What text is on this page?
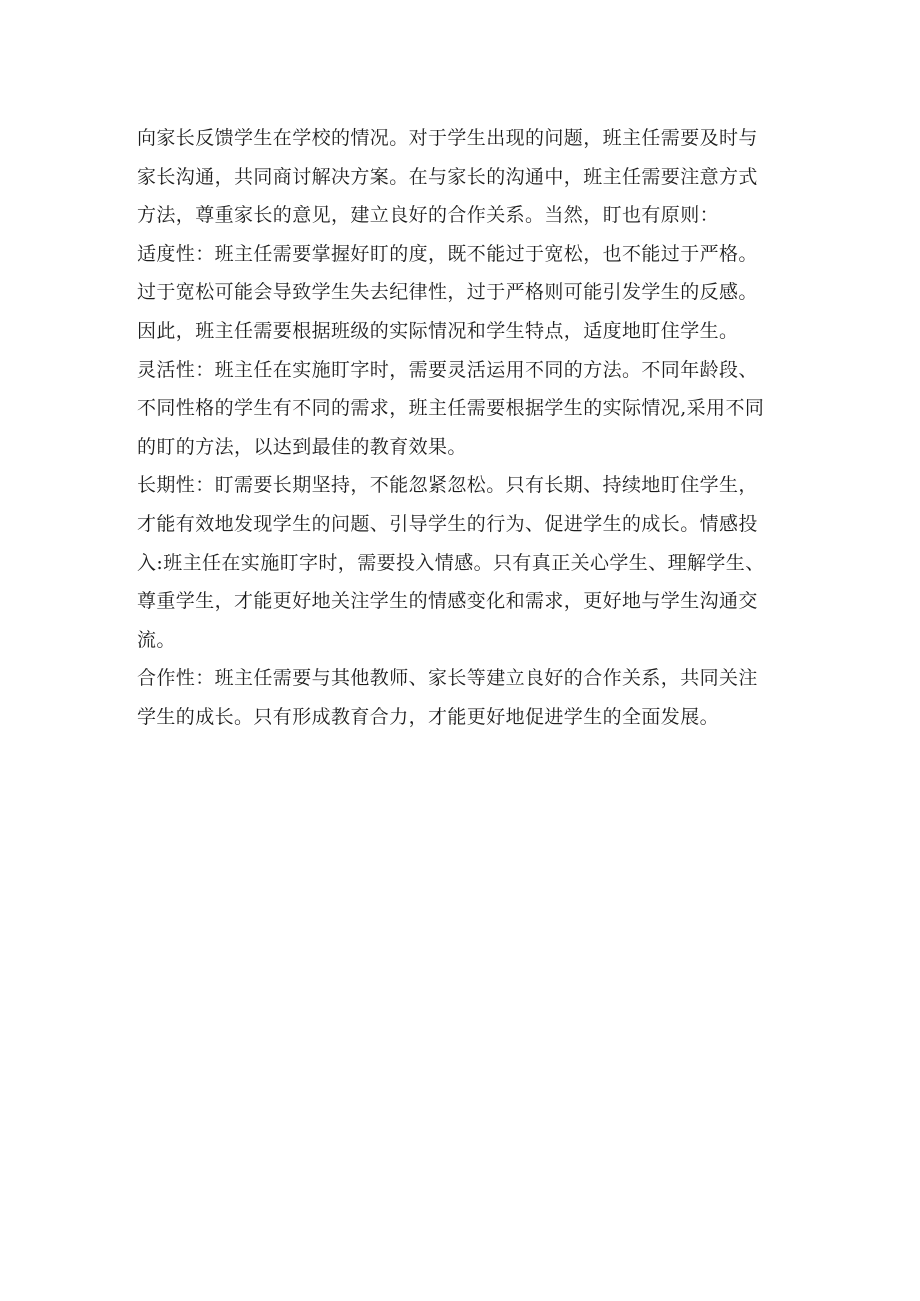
向家长反馈学生在学校的情况。对于学生出现的问题，班主任需要及时与
家长沟通，共同商讨解决方案。在与家长的沟通中，班主任需要注意方式
方法，尊重家长的意见，建立良好的合作关系。当然，盯也有原则：
适度性：班主任需要掌握好盯的度，既不能过于宽松，也不能过于严格。
过于宽松可能会导致学生失去纪律性，过于严格则可能引发学生的反感。
因此，班主任需要根据班级的实际情况和学生特点，适度地盯住学生。
灵活性：班主任在实施盯字时，需要灵活运用不同的方法。不同年龄段、
不同性格的学生有不同的需求，班主任需要根据学生的实际情况,采用不同
的盯的方法，以达到最佳的教育效果。
长期性：盯需要长期坚持，不能忽紧忽松。只有长期、持续地盯住学生，
才能有效地发现学生的问题、引导学生的行为、促进学生的成长。情感投
入:班主任在实施盯字时，需要投入情感。只有真正关心学生、理解学生、
尊重学生，才能更好地关注学生的情感变化和需求，更好地与学生沟通交
流。
合作性：班主任需要与其他教师、家长等建立良好的合作关系，共同关注
学生的成长。只有形成教育合力，才能更好地促进学生的全面发展。
